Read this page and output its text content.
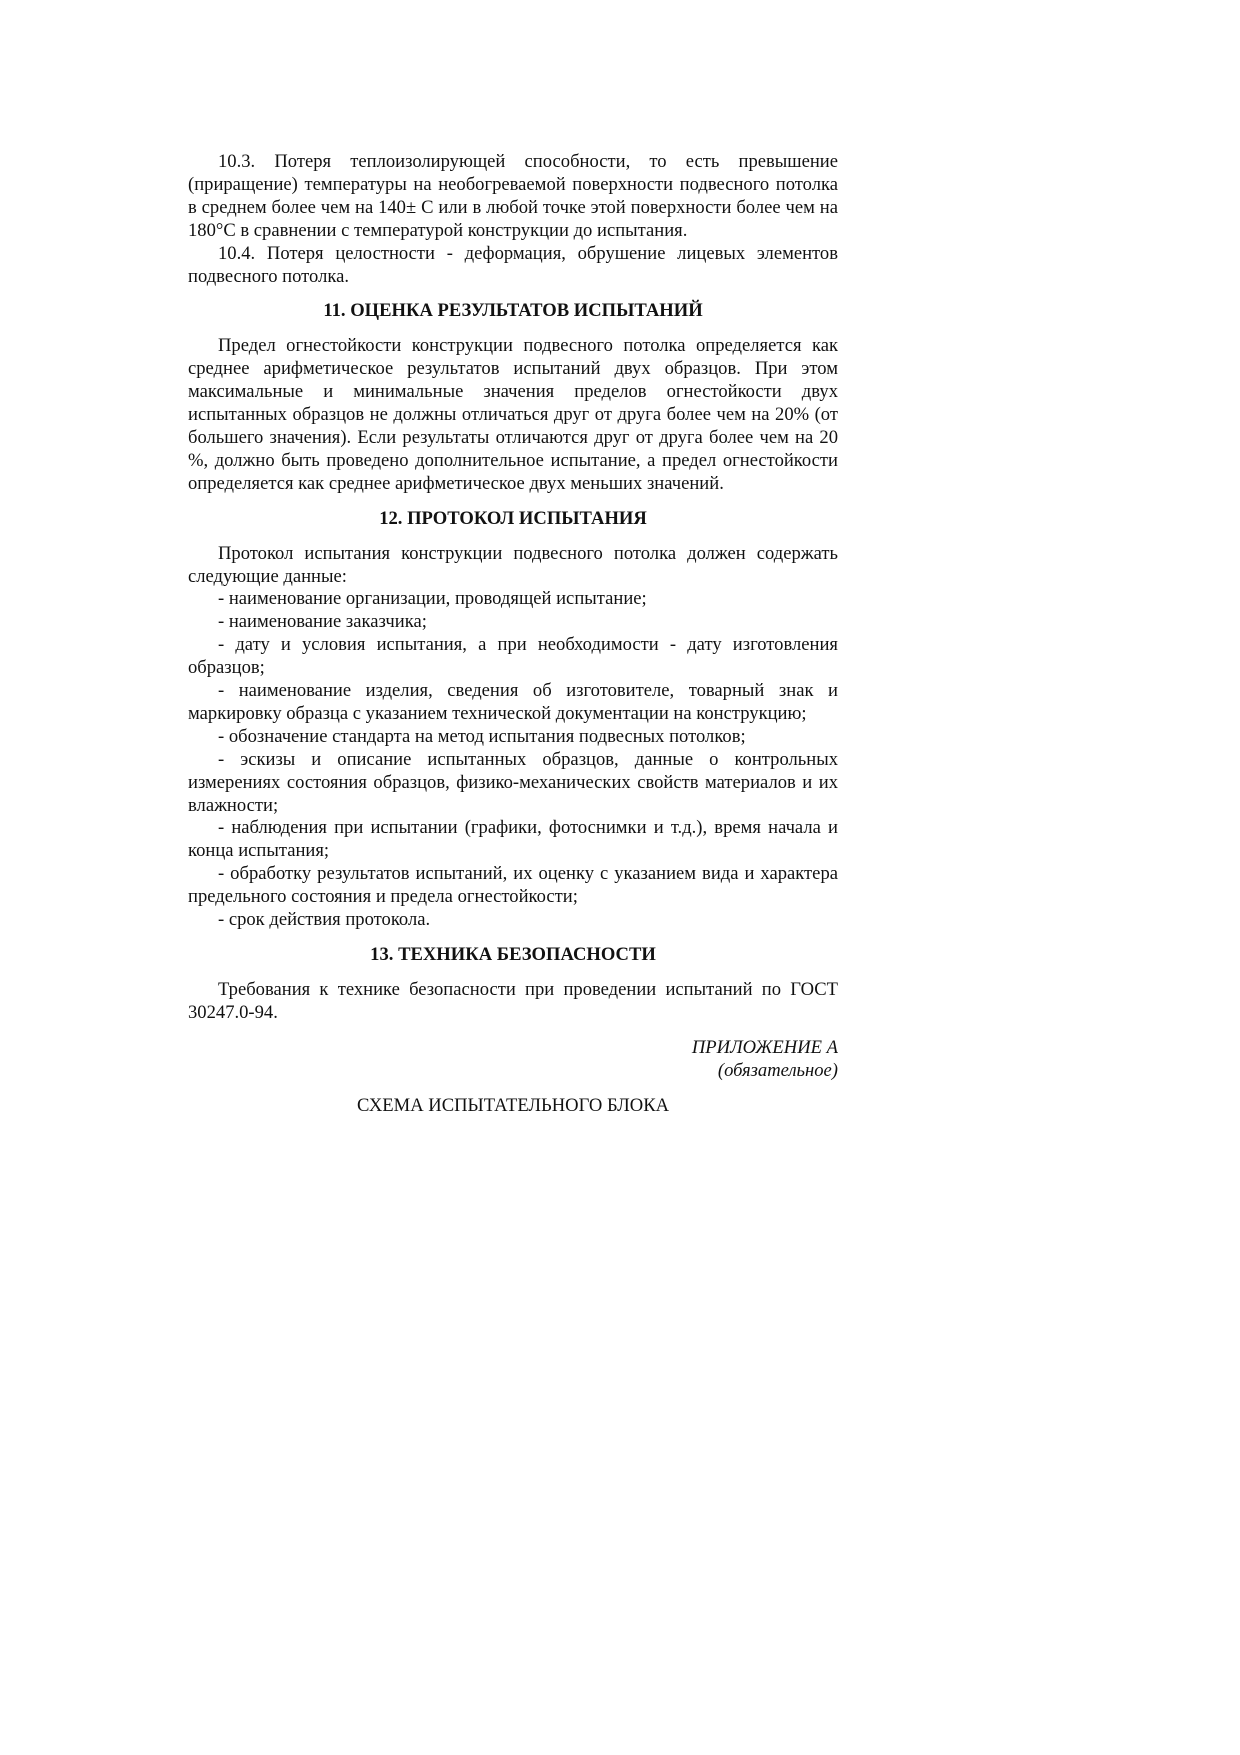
10.3. Потеря теплоизолирующей способности, то есть превышение (приращение) температуры на необогреваемой поверхности подвесного потолка в среднем более чем на 140± С или в любой точке этой поверхности более чем на 180°С в сравнении с температурой конструкции до испытания.

10.4. Потеря целостности - деформация, обрушение лицевых элементов подвесного потолка.

11. ОЦЕНКА РЕЗУЛЬТАТОВ ИСПЫТАНИЙ

Предел огнестойкости конструкции подвесного потолка определяется как среднее арифметическое результатов испытаний двух образцов. При этом максимальные и минимальные значения пределов огнестойкости двух испытанных образцов не должны отличаться друг от друга более чем на 20% (от большего значения). Если результаты отличаются друг от друга более чем на 20 %, должно быть проведено дополнительное испытание, а предел огнестойкости определяется как среднее арифметическое двух меньших значений.

12. ПРОТОКОЛ ИСПЫТАНИЯ

Протокол испытания конструкции подвесного потолка должен содержать следующие данные:

- наименование организации, проводящей испытание;

- наименование заказчика;

- дату и условия испытания, а при необходимости - дату изготовления образцов;

- наименование изделия, сведения об изготовителе, товарный знак и маркировку образца с указанием технической документации на конструкцию;

- обозначение стандарта на метод испытания подвесных потолков;

- эскизы и описание испытанных образцов, данные о контрольных измерениях состояния образцов, физико-механических свойств материалов и их влажности;

- наблюдения при испытании (графики, фотоснимки и т.д.), время начала и конца испытания;

- обработку результатов испытаний, их оценку с указанием вида и характера предельного состояния и предела огнестойкости;

- срок действия протокола.

13. ТЕХНИКА БЕЗОПАСНОСТИ

Требования к технике безопасности при проведении испытаний по ГОСТ 30247.0-94.

ПРИЛОЖЕНИЕ А

(обязательное)

СХЕМА ИСПЫТАТЕЛЬНОГО БЛОКА
